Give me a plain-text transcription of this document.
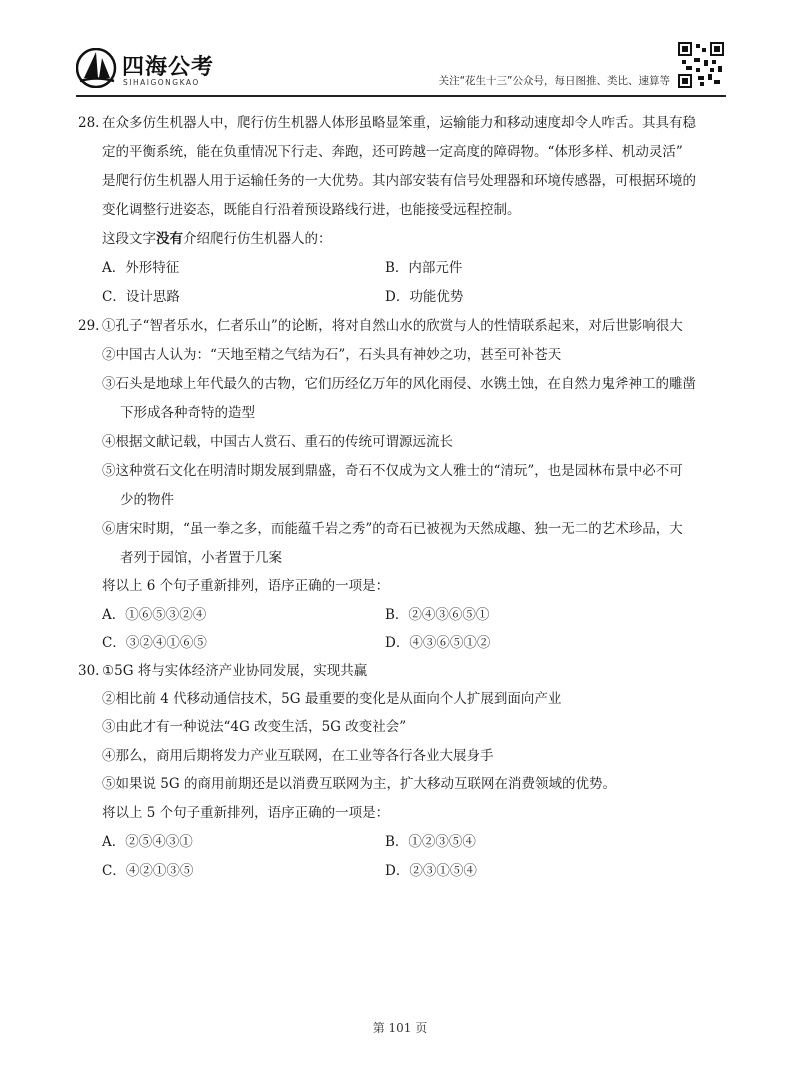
四海公考
SIHAIGONGKAO	关注“花生十三”公众号，每日图推、类比、速算等
28. 在众多仿生机器人中，爬行仿生机器人体形虽略显笨重，运输能力和移动速度却令人咋舌。其具有稳
定的平衡系统，能在负重情况下行走、奔跑，还可跨越一定高度的障碍物。“体形多样、机动灵活”
是爬行仿生机器人用于运输任务的一大优势。其内部安装有信号处理器和环境传感器，可根据环境的
变化调整行进姿态，既能自行沿着预设路线行进，也能接受远程控制。
这段文字没有介绍爬行仿生机器人的：
A．外形特征	B．内部元件
C．设计思路	D．功能优势
29. ①孔子“智者乐水，仁者乐山”的论断，将对自然山水的欣赏与人的性情联系起来，对后世影响很大
②中国古人认为：“天地至精之气结为石”，石头具有神妙之功，甚至可补苍天
③石头是地球上年代最久的古物，它们历经亿万年的风化雨侵、水镌土蚀，在自然力鬼斧神工的雕凿
下形成各种奇特的造型
④根据文献记载，中国古人赏石、重石的传统可谓源远流长
⑤这种赏石文化在明清时期发展到鼎盛，奇石不仅成为文人雅士的“清玩”，也是园林布景中必不可
少的物件
⑥唐宋时期，“虽一拳之多，而能蕴千岩之秀”的奇石已被视为天然成趣、独一无二的艺术珍品，大
者列于园馆，小者置于几案
将以上 6 个句子重新排列，语序正确的一项是：
A．①⑥⑤③②④	B．②④③⑥⑤①
C．③②④①⑥⑤	D．④③⑥⑤①②
30. ①5G 将与实体经济产业协同发展，实现共赢
②相比前 4 代移动通信技术，5G 最重要的变化是从面向个人扩展到面向产业
③由此才有一种说法“4G 改变生活，5G 改变社会”
④那么，商用后期将发力产业互联网，在工业等各行各业大展身手
⑤如果说 5G 的商用前期还是以消费互联网为主，扩大移动互联网在消费领域的优势。
将以上 5 个句子重新排列，语序正确的一项是：
A．②⑤④③①	B．①②③⑤④
C．④②①③⑤	D．②③①⑤④
第 101 页
